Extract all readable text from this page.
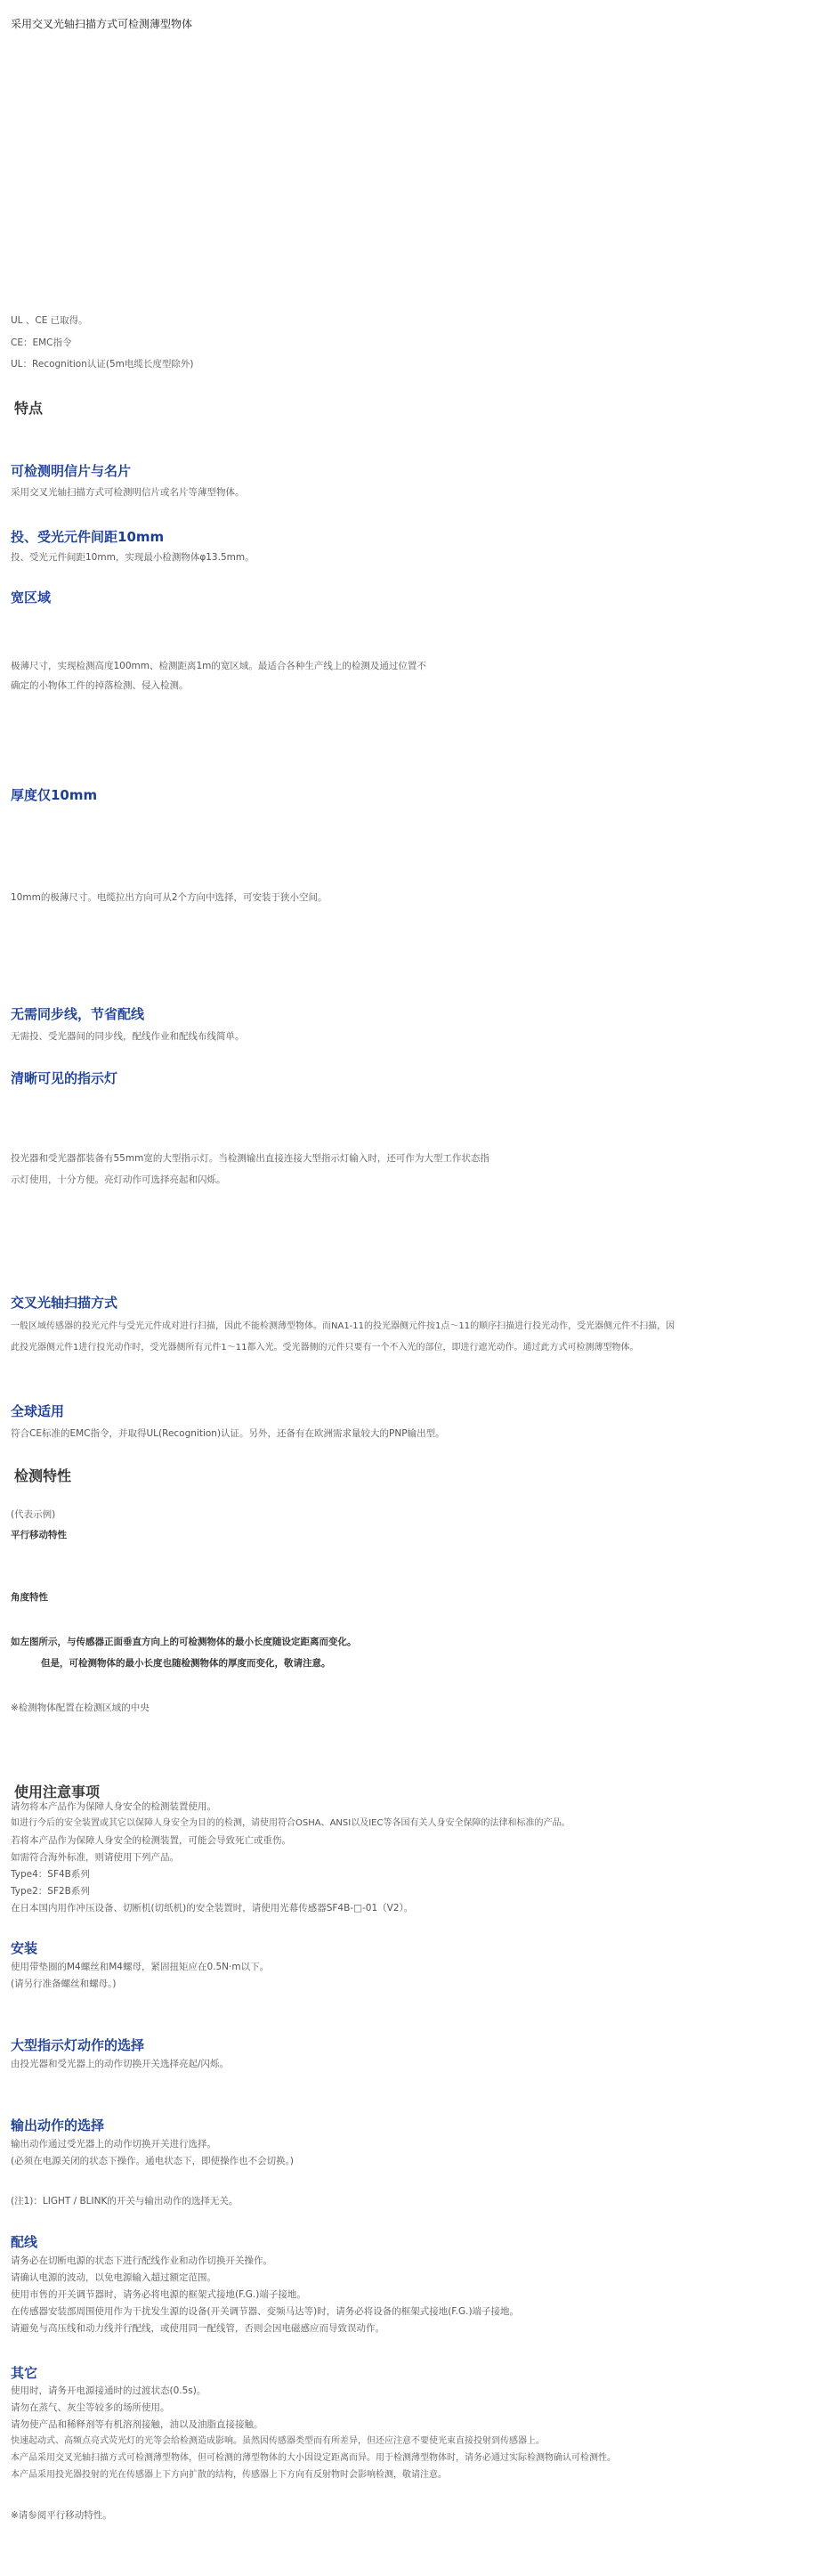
采用交叉光轴扫描方式可检测薄型物体
UL 、CE 已取得。
CE：EMC指令
UL：Recognition认证(5m电缆长度型除外)
特点
可检测明信片与名片
采用交叉光轴扫描方式可检测明信片或名片等薄型物体。
投、受光元件间距10mm
投、受光元件间距10mm，实现最小检测物体φ13.5mm。
宽区域
极薄尺寸，实现检测高度100mm、检测距离1m的宽区域。最适合各种生产线上的检测及通过位置不
确定的小物体工件的掉落检测、侵入检测。
厚度仅10mm
10mm的极薄尺寸。电缆拉出方向可从2个方向中选择，可安装于狭小空间。
无需同步线，节省配线
无需投、受光器间的同步线，配线作业和配线布线简单。
清晰可见的指示灯
投光器和受光器都装备有55mm宽的大型指示灯。当检测输出直接连接大型指示灯输入时，还可作为大型工作状态指
示灯使用，十分方便。亮灯动作可选择亮起和闪烁。
交叉光轴扫描方式
一般区域传感器的投光元件与受光元件成对进行扫描，因此不能检测薄型物体。而NA1-11的投光器侧元件按1点～11的顺序扫描进行投光动作，受光器侧元件不扫描，因
此投光器侧元件1进行投光动作时，受光器侧所有元件1～11都入光。受光器侧的元件只要有一个不入光的部位，即进行遮光动作。通过此方式可检测薄型物体。
全球适用
符合CE标准的EMC指令，并取得UL(Recognition)认证。另外，还备有在欧洲需求量较大的PNP输出型。
检测特性
(代表示例)
平行移动特性
角度特性
如左图所示，与传感器正面垂直方向上的可检测物体的最小长度随设定距离而变化。
但是，可检测物体的最小长度也随检测物体的厚度而变化，敬请注意。
※检测物体配置在检测区域的中央
使用注意事项
请勿将本产品作为保障人身安全的检测装置使用。
如进行今后的安全装置或其它以保障人身安全为目的的检测，请使用符合OSHA、ANSI以及IEC等各国有关人身安全保障的法律和标准的产品。
若将本产品作为保障人身安全的检测装置，可能会导致死亡或重伤。
如需符合海外标准，则请使用下列产品。
Type4：SF4B系列
Type2：SF2B系列
在日本国内用作冲压设备、切断机(切纸机)的安全装置时，请使用光幕传感器SF4B-□-01（V2）。
安装
使用带垫圈的M4螺丝和M4螺母，紧固扭矩应在0.5N·m以下。
(请另行准备螺丝和螺母。)
大型指示灯动作的选择
由投光器和受光器上的动作切换开关选择亮起/闪烁。
输出动作的选择
输出动作通过受光器上的动作切换开关进行选择。
(必须在电源关闭的状态下操作。通电状态下，即使操作也不会切换。)
(注1)：LIGHT / BLINK的开关与输出动作的选择无关。
配线
请务必在切断电源的状态下进行配线作业和动作切换开关操作。
请确认电源的波动，以免电源输入超过额定范围。
使用市售的开关调节器时，请务必将电源的框架式接地(F.G.)端子接地。
在传感器安装部周围使用作为干扰发生源的设备(开关调节器、变频马达等)时，请务必将设备的框架式接地(F.G.)端子接地。
请避免与高压线和动力线并行配线，或使用同一配线管，否则会因电磁感应而导致误动作。
其它
使用时，请务开电源接通时的过渡状态(0.5s)。
请勿在蒸气、灰尘等较多的场所使用。
请勿使产品和稀释剂等有机溶剂接触，油以及油脂直接接触。
快速起动式、高频点亮式荧光灯的光等会给检测造成影响。虽然因传感器类型而有所差异，但还应注意不要使光束直接投射到传感器上。
本产品采用交叉光轴扫描方式可检测薄型物体，但可检测的薄型物体的大小因设定距离而异。用于检测薄型物体时，请务必通过实际检测物确认可检测性。
本产品采用投光器投射的光在传感器上下方向扩散的结构，传感器上下方向有反射物时会影响检测，敬请注意。
※请参阅平行移动特性。
